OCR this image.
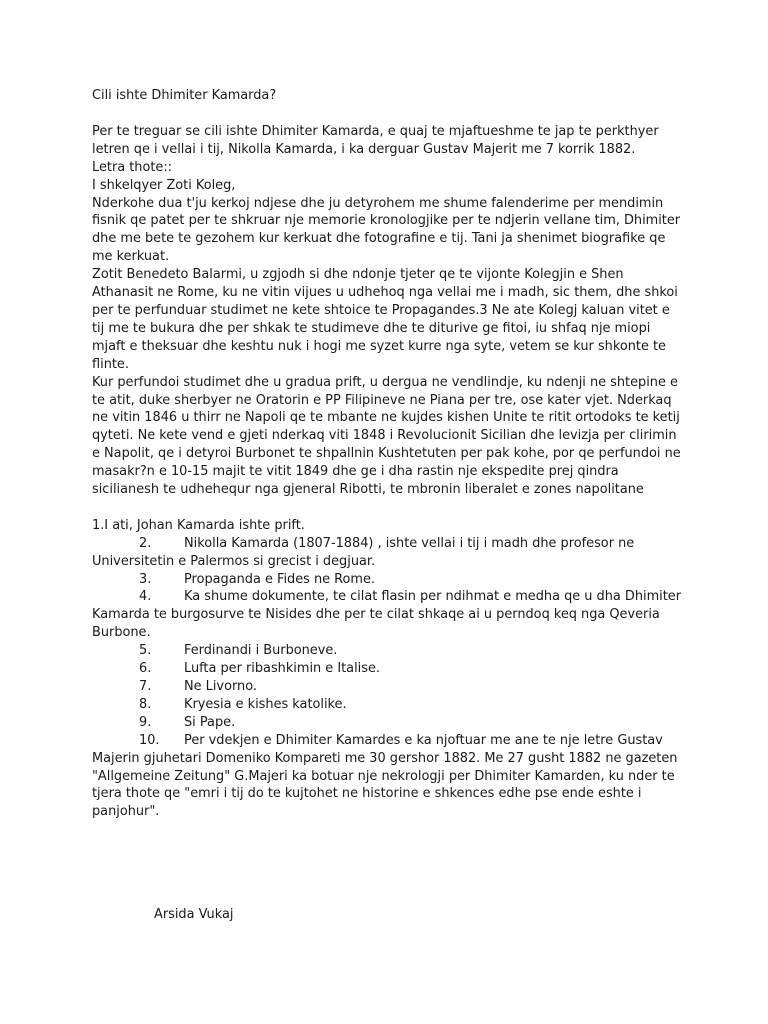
Cili ishte Dhimiter Kamarda?

Per te treguar se cili ishte Dhimiter Kamarda, e quaj te mjaftueshme te jap te perkthyer letren qe i vellai i tij, Nikolla Kamarda, i ka derguar Gustav Majerit me 7 korrik 1882.

Letra thote::

I shkelqyer Zoti Koleg,

Nderkohe dua t'ju kerkoj ndjese dhe ju detyrohem me shume falenderime per mendimin fisnik qe patet per te shkruar nje memorie kronologjike per te ndjerin vellane tim, Dhimiter dhe me bete te gezohem kur kerkuat dhe fotografine e tij. Tani ja shenimet biografike qe me kerkuat.

Zotit Benedeto Balarmi, u zgjodh si dhe ndonje tjeter qe te vijonte Kolegjin e Shen Athanasit ne Rome, ku ne vitin vijues u udhehoq nga vellai me i madh, sic them, dhe shkoi per te perfunduar studimet ne kete shtoice te Propagandes.3 Ne ate Kolegj kaluan vitet e tij me te bukura dhe per shkak te studimeve dhe te diturive ge fitoi, iu shfaq nje miopi mjaft e theksuar dhe keshtu nuk i hogi me syzet kurre nga syte, vetem se kur shkonte te flinte.

Kur perfundoi studimet dhe u gradua prift, u dergua ne vendlindje, ku ndenji ne shtepine e te atit, duke sherbyer ne Oratorin e PP Filipineve ne Piana per tre, ose kater vjet. Nderkaq ne vitin 1846 u thirr ne Napoli qe te mbante ne kujdes kishen Unite te ritit ortodoks te ketij qyteti. Ne kete vend e gjeti nderkaq viti 1848 i Revolucionit Sicilian dhe levizja per clirimin e Napolit, qe i detyroi Burbonet te shpallnin Kushtetuten per pak kohe, por qe perfundoi ne masakr?n e 10-15 majit te vitit 1849 dhe ge i dha rastin nje ekspedite prej qindra sicilianesh te udhehequr nga gjeneral Ribotti, te mbronin liberalet e zones napolitane

1.I ati, Johan Kamarda ishte prift.

2.	Nikolla Kamarda (1807-1884) , ishte vellai i tij i madh dhe profesor ne Universitetin e Palermos si grecist i degjuar.

3.	Propaganda e Fides ne Rome.

4.	Ka shume dokumente, te cilat flasin per ndihmat e medha qe u dha Dhimiter Kamarda te burgosurve te Nisides dhe per te cilat shkaqe ai u perndoq keq nga Qeveria Burbone.

5.	Ferdinandi i Burboneve.

6.	Lufta per ribashkimin e Italise.

7.	Ne Livorno.

8.	Kryesia e kishes katolike.

9.	Si Pape.

10. Per vdekjen e Dhimiter Kamardes e ka njoftuar me ane te nje letre Gustav Majerin gjuhetari Domeniko Kompareti me 30 gershor 1882. Me 27 gusht 1882 ne gazeten "Allgemeine Zeitung" G.Majeri ka botuar nje nekrologji per Dhimiter Kamarden, ku nder te tjera thote qe "emri i tij do te kujtohet ne historine e shkences edhe pse ende eshte i panjohur".

Arsida Vukaj
